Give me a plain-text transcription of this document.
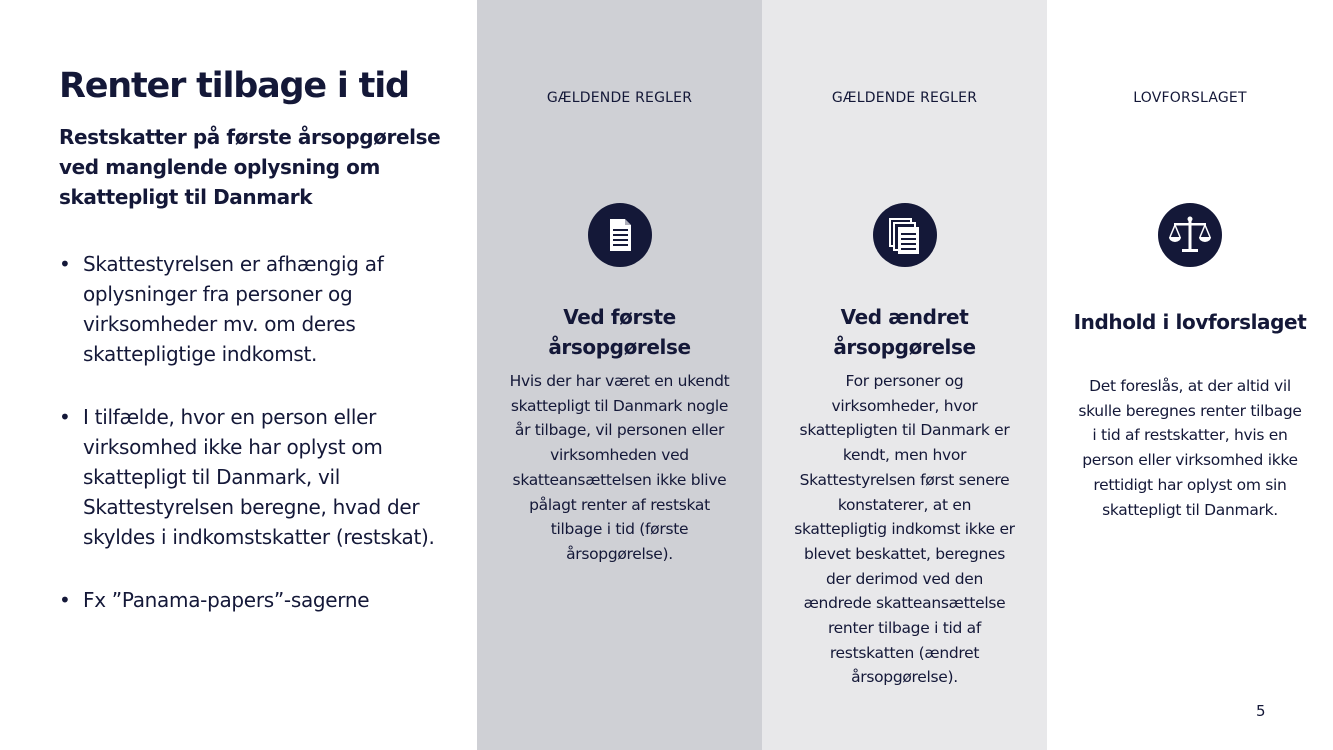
Renter tilbage i tid
Restskatter på første årsopgørelse ved manglende oplysning om skattepligt til Danmark
• Skattestyrelsen er afhængig af oplysninger fra personer og virksomheder mv. om deres skattepligtige indkomst.
• I tilfælde, hvor en person eller virksomhed ikke har oplyst om skattepligt til Danmark, vil Skattestyrelsen beregne, hvad der skyldes i indkomstskatter (restskat).
• Fx ”Panama-papers”-sagerne
GÆLDENDE REGLER
Ved første årsopgørelse

Hvis der har været en ukendt skattepligt til Danmark nogle år tilbage, vil personen eller virksomheden ved skatteansættelsen ikke blive pålagt renter af restskat tilbage i tid (første årsopgørelse).

GÆLDENDE REGLER
Ved ændret årsopgørelse

For personer og virksomheder, hvor skattepligten til Danmark er kendt, men hvor Skattestyrelsen først senere konstaterer, at en skattepligtig indkomst ikke er blevet beskattet, beregnes der derimod ved den ændrede skatteansættelse renter tilbage i tid af restskatten (ændret årsopgørelse).

LOVFORSLAGET
Indhold i lovforslaget

Det foreslås, at der altid vil skulle beregnes renter tilbage i tid af restskatter, hvis en person eller virksomhed ikke rettidigt har oplyst om sin skattepligt til Danmark.

5
